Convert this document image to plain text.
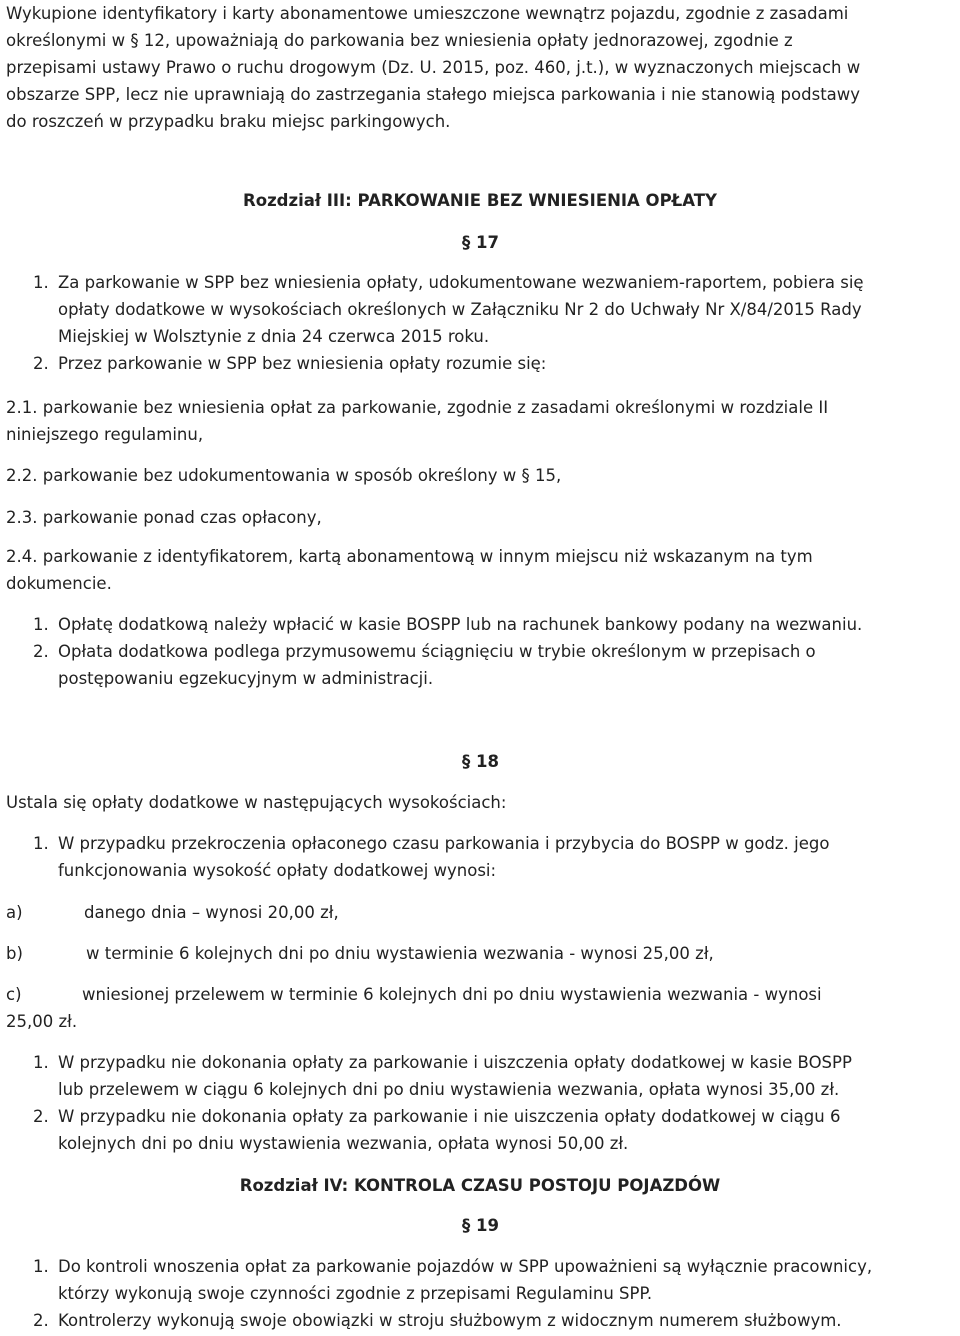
Wykupione identyfikatory i karty abonamentowe umieszczone wewnątrz pojazdu, zgodnie z zasadami
określonymi w § 12, upoważniają do parkowania bez wniesienia opłaty jednorazowej, zgodnie z
przepisami ustawy Prawo o ruchu drogowym (Dz. U. 2015, poz. 460, j.t.), w wyznaczonych miejscach w
obszarze SPP, lecz nie uprawniają do zastrzegania stałego miejsca parkowania i nie stanowią podstawy
do roszczeń w przypadku braku miejsc parkingowych.
Rozdział III: PARKOWANIE BEZ WNIESIENIA OPŁATY
§ 17
1. Za parkowanie w SPP bez wniesienia opłaty, udokumentowane wezwaniem-raportem, pobiera się
opłaty dodatkowe w wysokościach określonych w Załączniku Nr 2 do Uchwały Nr X/84/2015 Rady
Miejskiej w Wolsztynie z dnia 24 czerwca 2015 roku.
2. Przez parkowanie w SPP bez wniesienia opłaty rozumie się:
2.1. parkowanie bez wniesienia opłat za parkowanie, zgodnie z zasadami określonymi w rozdziale II
niniejszego regulaminu,
2.2. parkowanie bez udokumentowania w sposób określony w § 15,
2.3. parkowanie ponad czas opłacony,
2.4. parkowanie z identyfikatorem, kartą abonamentową w innym miejscu niż wskazanym na tym
dokumencie.
1. Opłatę dodatkową należy wpłacić w kasie BOSPP lub na rachunek bankowy podany na wezwaniu.
2. Opłata dodatkowa podlega przymusowemu ściągnięciu w trybie określonym w przepisach o
postępowaniu egzekucyjnym w administracji.
§ 18
Ustala się opłaty dodatkowe w następujących wysokościach:
1. W przypadku przekroczenia opłaconego czasu parkowania i przybycia do BOSPP w godz. jego
funkcjonowania wysokość opłaty dodatkowej wynosi:
a)	danego dnia – wynosi 20,00 zł,
b)	w terminie 6 kolejnych dni po dniu wystawienia wezwania - wynosi 25,00 zł,
c)	wniesionej przelewem w terminie 6 kolejnych dni po dniu wystawienia wezwania - wynosi
25,00 zł.
1. W przypadku nie dokonania opłaty za parkowanie i uiszczenia opłaty dodatkowej w kasie BOSPP
lub przelewem w ciągu 6 kolejnych dni po dniu wystawienia wezwania, opłata wynosi 35,00 zł.
2. W przypadku nie dokonania opłaty za parkowanie i nie uiszczenia opłaty dodatkowej w ciągu 6
kolejnych dni po dniu wystawienia wezwania, opłata wynosi 50,00 zł.
Rozdział IV: KONTROLA CZASU POSTOJU POJAZDÓW
§ 19
1. Do kontroli wnoszenia opłat za parkowanie pojazdów w SPP upoważnieni są wyłącznie pracownicy,
którzy wykonują swoje czynności zgodnie z przepisami Regulaminu SPP.
2. Kontrolerzy wykonują swoje obowiązki w stroju służbowym z widocznym numerem służbowym.
